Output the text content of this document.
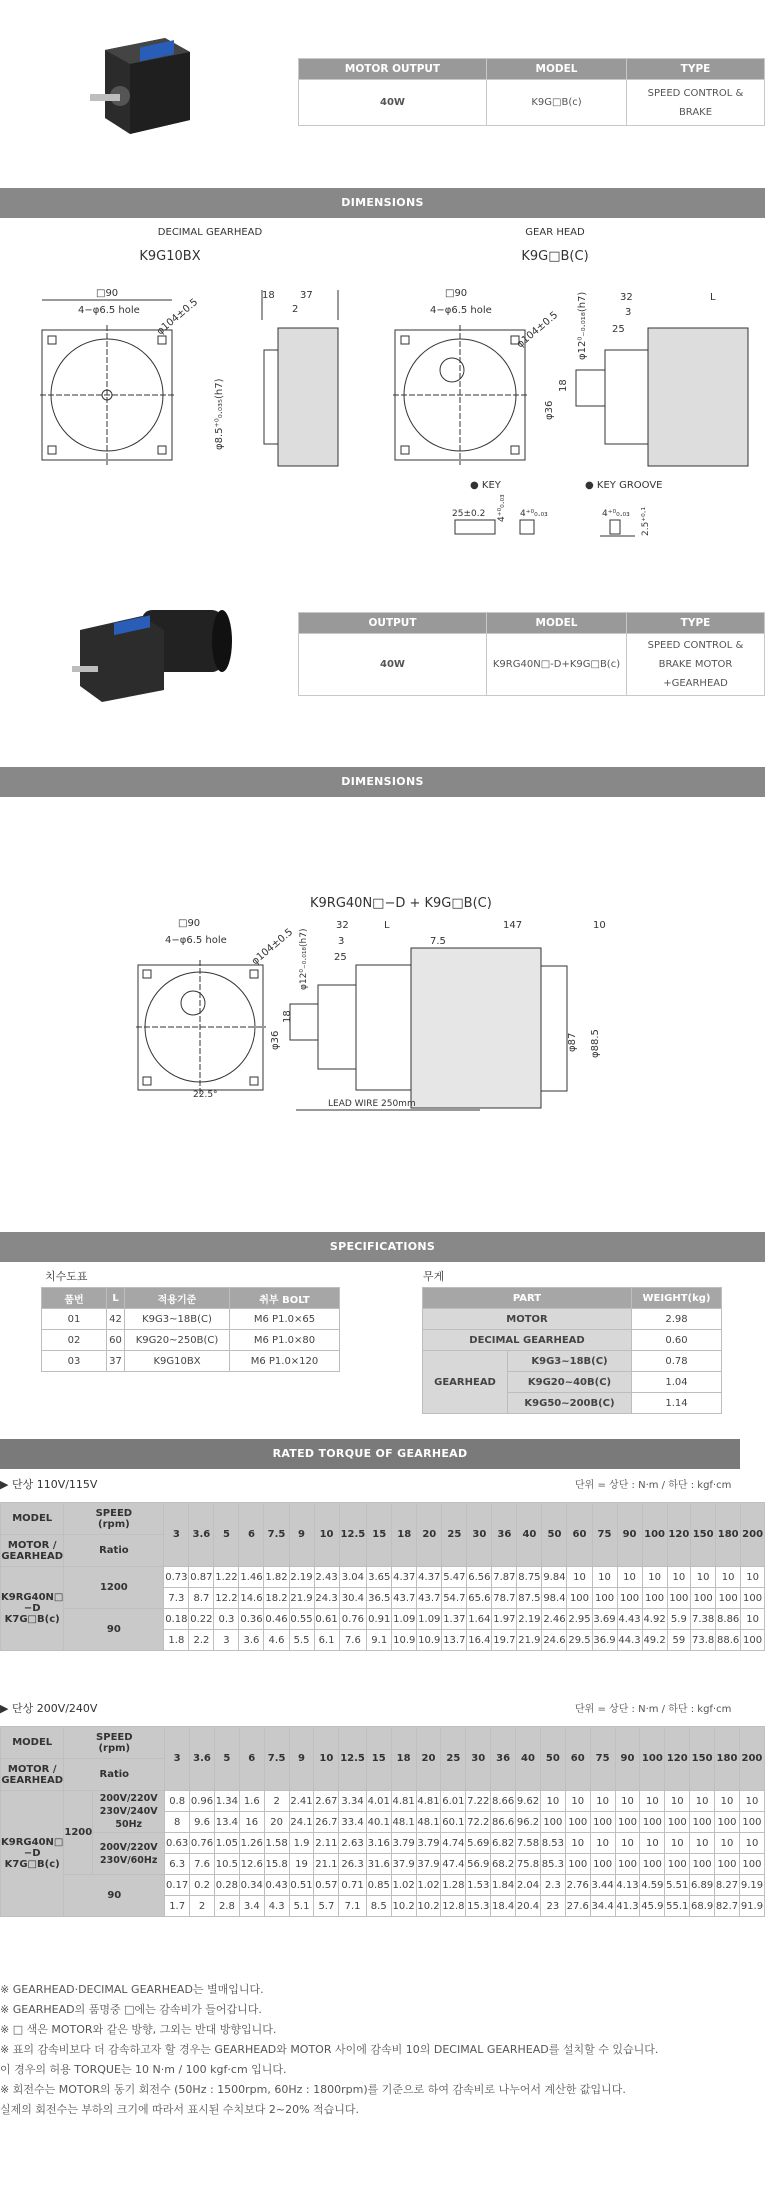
MOTOR OUTPUT	MODEL	TYPE
40W	K9G□B(c)	SPEED CONTROL &
BRAKE
DIMENSIONS
DECIMAL GEARHEAD
K9G10BX
GEAR HEAD
K9G□B(C)
□90
4−φ6.5 hole φ104±0.5
18	37
2
φ8.5⁺⁰₀.₀₃₅(h7)
□90
4−φ6.5 hole φ104±0.5
φ36
18
φ12⁰₋₀.₀₁₈(h7)	32	L
3
25
● KEY	● KEY GROOVE
25±0.2 4⁺⁰₀.₀₃ 4⁺⁰₀.₀₃	4⁺⁰₀.₀₃ 2.5⁺⁰·¹
OUTPUT	MODEL	TYPE
40W	K9RG40N□-D+K9G□B(c)	SPEED CONTROL &
BRAKE MOTOR
+GEARHEAD
DIMENSIONS
K9RG40N□−D + K9G□B(C)
□90
4−φ6.5 hole φ104±0.5
φ36
18
φ12⁰₋₀.₀₁₈(h7)
32	L	147	10
7.5
3
25
φ87 φ88.5
22.5°
LEAD WIRE 250mm
SPECIFICATIONS
치수도표
품번	L	적용기준	취부 BOLT
01	42	K9G3~18B(C)	M6 P1.0×65
02	60	K9G20~250B(C)	M6 P1.0×80
03	37	K9G10BX	M6 P1.0×120
무게
PART		WEIGHT(kg)
MOTOR		2.98
DECIMAL GEARHEAD		0.60
GEARHEAD	K9G3~18B(C)	0.78
	K9G20~40B(C)	1.04
	K9G50~200B(C)	1.14
RATED TORQUE OF GEARHEAD
▶ 단상 110V/115V	단위 = 상단 : N·m / 하단 : kgf·cm
MODEL	SPEED
(rpm)	3	3.6	5	6	7.5	9	10	12.5	15	18	20	25	30	36	40	50	60	75	90	100	120	150	180	200
MOTOR /
GEARHEAD	Ratio																								
K9RG40N□
−D
K7G□B(c)	1200	0.73	0.87	1.22	1.46	1.82	2.19	2.43	3.04	3.65	4.37	4.37	5.47	6.56	7.87	8.75	9.84	10	10	10	10	10	10	10	10
		7.3	8.7	12.2	14.6	18.2	21.9	24.3	30.4	36.5	43.7	43.7	54.7	65.6	78.7	87.5	98.4	100	100	100	100	100	100	100	100
	90	0.18	0.22	0.3	0.36	0.46	0.55	0.61	0.76	0.91	1.09	1.09	1.37	1.64	1.97	2.19	2.46	2.95	3.69	4.43	4.92	5.9	7.38	8.86	10
		1.8	2.2	3	3.6	4.6	5.5	6.1	7.6	9.1	10.9	10.9	13.7	16.4	19.7	21.9	24.6	29.5	36.9	44.3	49.2	59	73.8	88.6	100
▶ 단상 200V/240V	단위 = 상단 : N·m / 하단 : kgf·cm
MODEL	SPEED
(rpm)		3	3.6	5	6	7.5	9	10	12.5	15	18	20	25	30	36	40	50	60	75	90	100	120	150	180	200
MOTOR /
GEARHEAD	Ratio																									
K9RG40N□
−D
K7G□B(c)	1200	200V/220V
230V/240V
50Hz	0.8	0.96	1.34	1.6	2	2.41	2.67	3.34	4.01	4.81	4.81	6.01	7.22	8.66	9.62	10	10	10	10	10	10	10	10	10
			8	9.6	13.4	16	20	24.1	26.7	33.4	40.1	48.1	48.1	60.1	72.2	86.6	96.2	100	100	100	100	100	100	100	100	100
		200V/220V
230V/60Hz	0.63	0.76	1.05	1.26	1.58	1.9	2.11	2.63	3.16	3.79	3.79	4.74	5.69	6.82	7.58	8.53	10	10	10	10	10	10	10	10
			6.3	7.6	10.5	12.6	15.8	19	21.1	26.3	31.6	37.9	37.9	47.4	56.9	68.2	75.8	85.3	100	100	100	100	100	100	100	100
	90		0.17	0.2	0.28	0.34	0.43	0.51	0.57	0.71	0.85	1.02	1.02	1.28	1.53	1.84	2.04	2.3	2.76	3.44	4.13	4.59	5.51	6.89	8.27	9.19
			1.7	2	2.8	3.4	4.3	5.1	5.7	7.1	8.5	10.2	10.2	12.8	15.3	18.4	20.4	23	27.6	34.4	41.3	45.9	55.1	68.9	82.7	91.9
※ GEARHEAD·DECIMAL GEARHEAD는 별매입니다.
※ GEARHEAD의 품명중 □에는 감속비가 들어갑니다.
※ □ 색은 MOTOR와 같은 방향, 그외는 반대 방향입니다.
※ 표의 감속비보다 더 감속하고자 할 경우는 GEARHEAD와 MOTOR 사이에 감속비 10의 DECIMAL GEARHEAD를 설치할 수 있습니다.
이 경우의 허용 TORQUE는 10 N·m / 100 kgf·cm 입니다.
※ 회전수는 MOTOR의 동기 회전수 (50Hz : 1500rpm, 60Hz : 1800rpm)를 기준으로 하여 감속비로 나누어서 계산한 값입니다.
실제의 회전수는 부하의 크기에 따라서 표시된 수치보다 2~20% 적습니다.
